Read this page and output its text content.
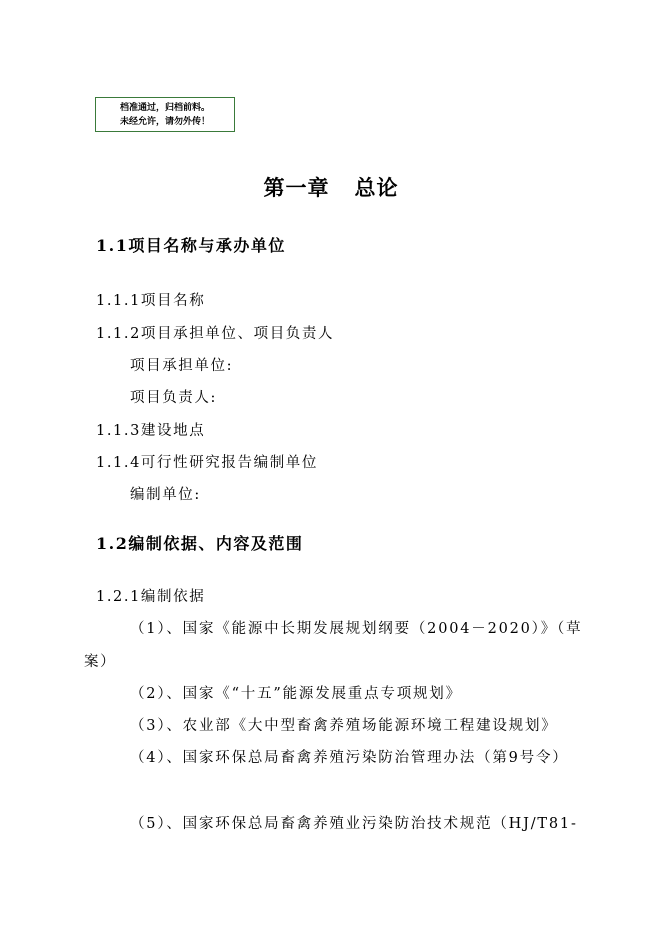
档准通过，归档前料。
未经允许，请勿外传！
第一章   总论
1.1项目名称与承办单位
1.1.1项目名称
1.1.2项目承担单位、项目负责人
项目承担单位:
项目负责人:
1.1.3建设地点
1.1.4可行性研究报告编制单位
编制单位:
1.2编制依据、内容及范围
1.2.1编制依据
（1）、国家《能源中长期发展规划纲要（2004－2020）》（草
案）
（2）、国家《“十五”能源发展重点专项规划》
（3）、农业部《大中型畜禽养殖场能源环境工程建设规划》
（4）、国家环保总局畜禽养殖污染防治管理办法（第9号令）
（5）、国家环保总局畜禽养殖业污染防治技术规范（HJ/T81-
